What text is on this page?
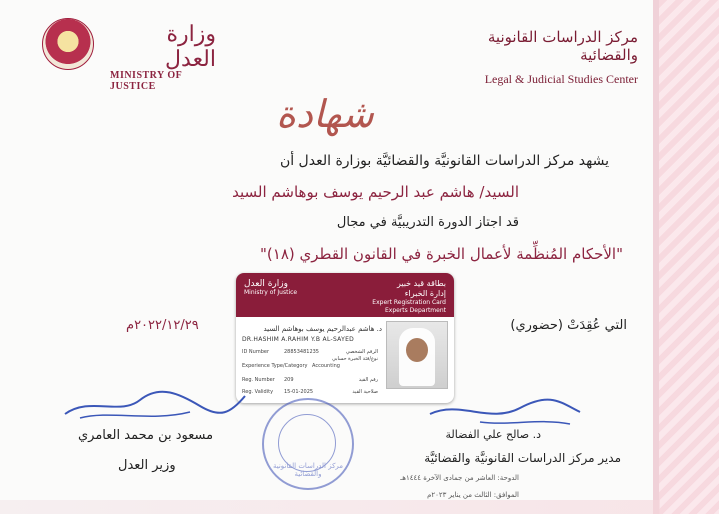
وزارة العدل
MINISTRY OF JUSTICE
مركز الدراسات القانونية والقضائية
Legal & Judicial Studies Center
شهادة
يشهد مركز الدراسات القانونيَّة والقضائيَّة بوزارة العدل أن
السيد/ هاشم عبد الرحيم يوسف بوهاشم السيد
قد اجتاز الدورة التدريبيَّة في مجال
"الأحكام المُنظِّمة لأعمال الخبرة في القانون القطري (١٨)"
التي عُقِدَتْ (حضوري)
٢٠٢٢/١٢/٢٩م
وزارة العدل
Ministry of Justice
بطاقة قيد خبير
إدارة الخبراء
Expert Registration Card
Experts Department
د. هاشم عبدالرحيم يوسف بوهاشم السيد
DR.HASHIM A.RAHIM Y.B AL-SAYED
ID Number	28853481235	الرقم الشخصي
Experience Type/Category Accounting
نوع/فئة الخبرة حسابي
Reg. Number 209	رقم القيد
Reg. Validity 15-01-2025	صلاحية القيد
مركز الدراسات القانونية والقضائية
مسعود بن محمد العامري
وزير العدل
د. صالح علي الفضالة
مدير مركز الدراسات القانونيَّة والقضائيَّة
الدوحة: العاشر من جمادى الآخرة ١٤٤٤هـ
الموافق: الثالث من يناير ٢٠٢٣م
